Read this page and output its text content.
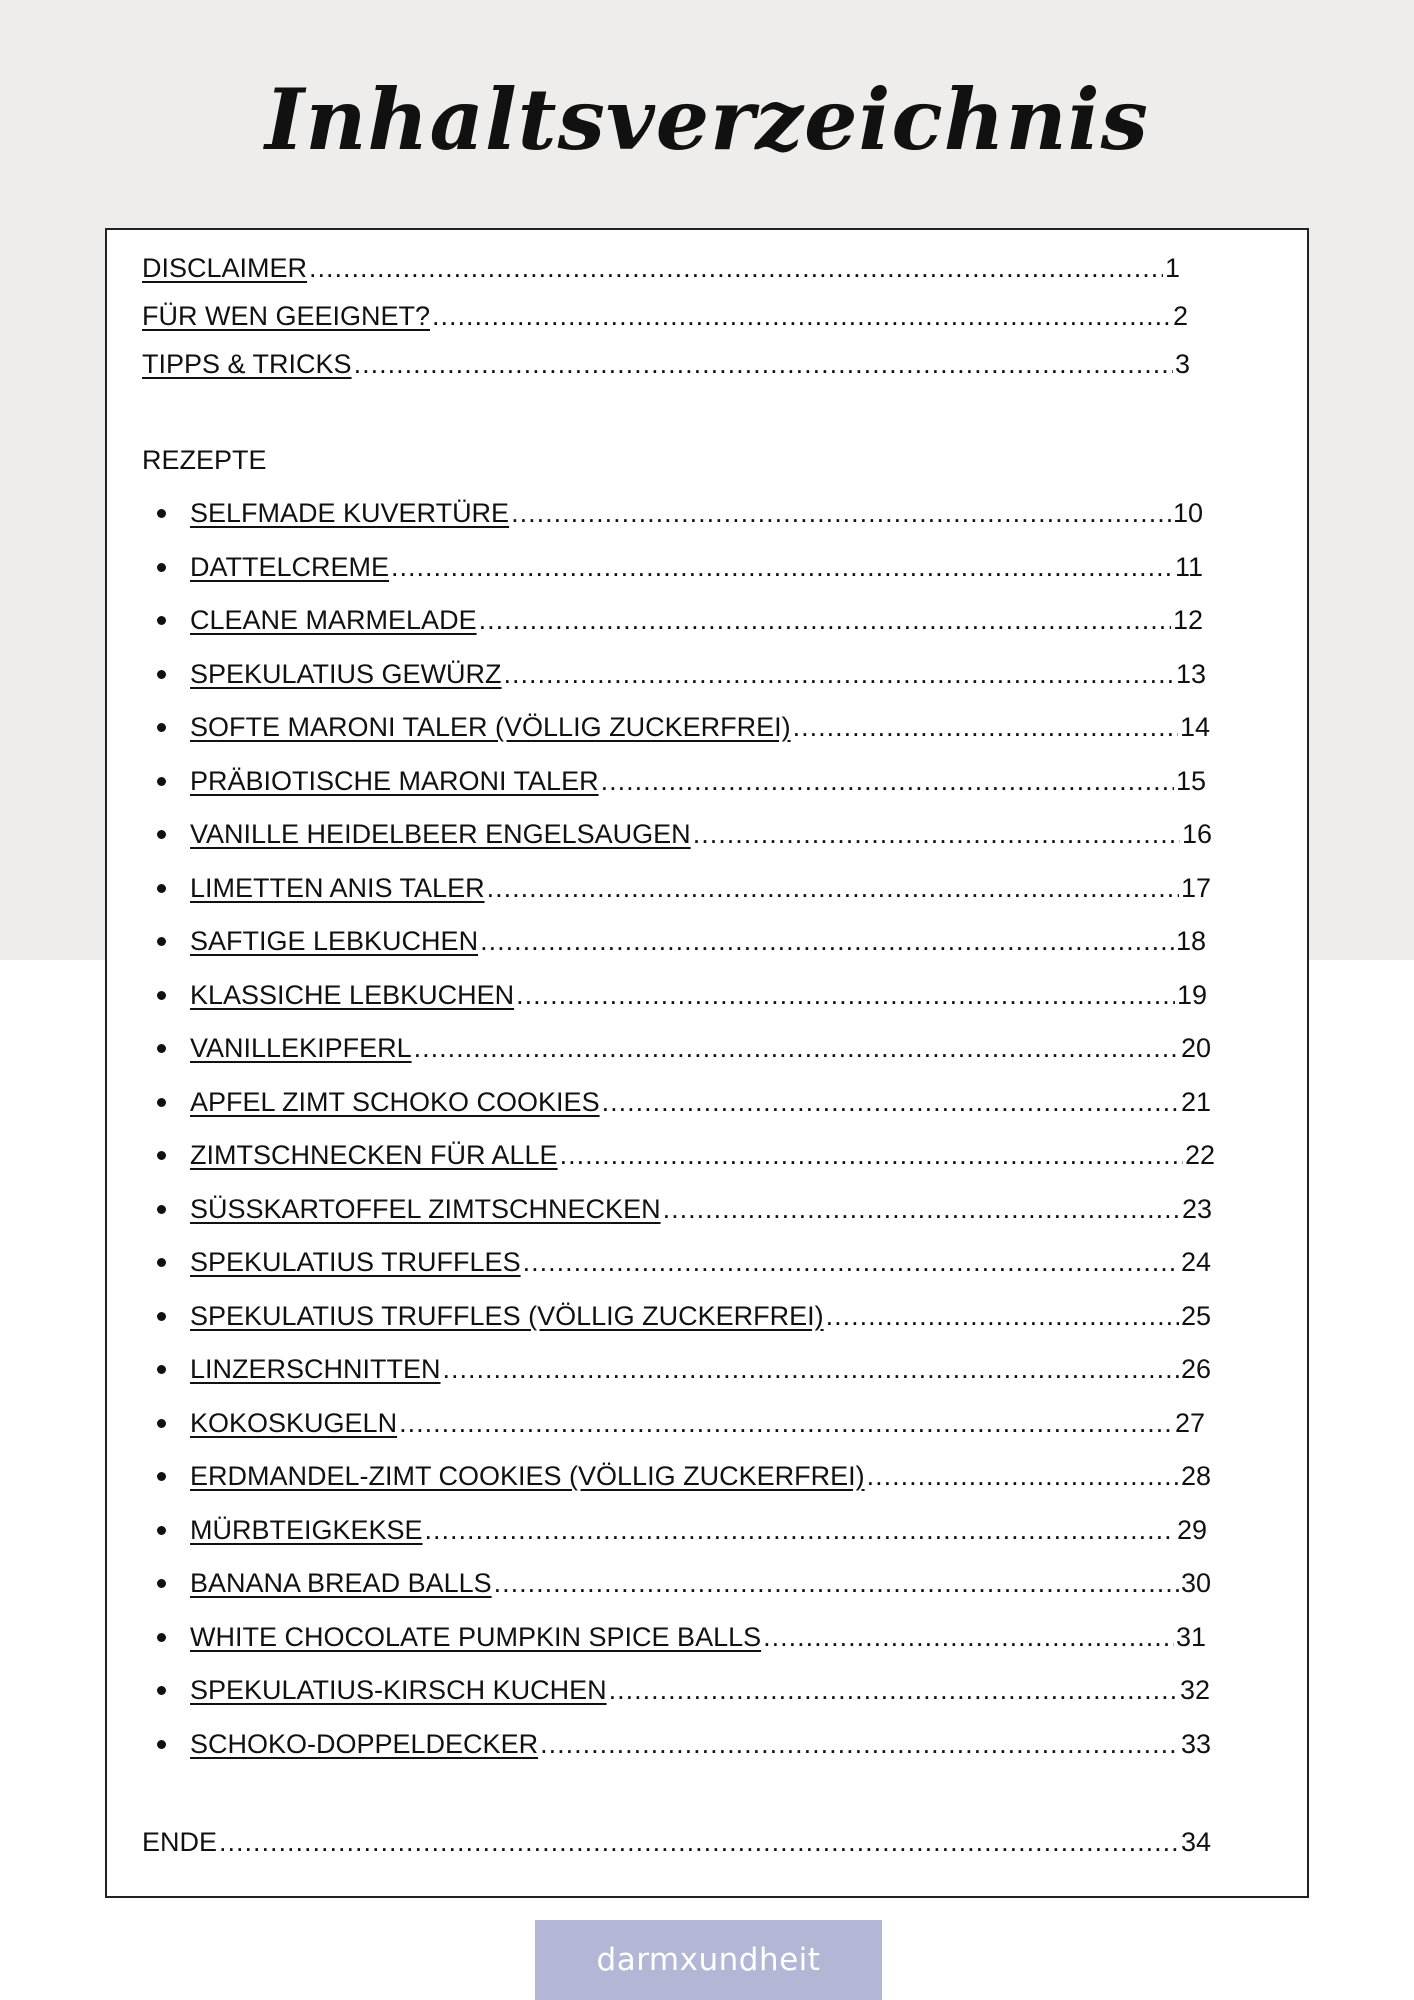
Inhaltsverzeichnis
DISCLAIMER .....	1
FÜR WEN GEEIGNET? .....	2
TIPPS & TRICKS .....	3
REZEPTE
SELFMADE KUVERTÜRE .....	10
DATTELCREME .....	11
CLEANE MARMELADE .....	12
SPEKULATIUS GEWÜRZ .....	13
SOFTE MARONI TALER (VÖLLIG ZUCKERFREI) .....	14
PRÄBIOTISCHE MARONI TALER .....	15
VANILLE HEIDELBEER ENGELSAUGEN .....	16
LIMETTEN ANIS TALER .....	17
SAFTIGE LEBKUCHEN .....	18
KLASSICHE LEBKUCHEN .....	19
VANILLEKIPFERL .....	20
APFEL ZIMT SCHOKO COOKIES .....	21
ZIMTSCHNECKEN FÜR ALLE .....	22
SÜSSKARTOFFEL ZIMTSCHNECKEN .....	23
SPEKULATIUS TRUFFLES .....	24
SPEKULATIUS TRUFFLES (VÖLLIG ZUCKERFREI) .....	25
LINZERSCHNITTEN .....	26
KOKOSKUGELN .....	27
ERDMANDEL-ZIMT COOKIES (VÖLLIG ZUCKERFREI) .....	28
MÜRBTEIGKEKSE .....	29
BANANA BREAD BALLS .....	30
WHITE CHOCOLATE PUMPKIN SPICE BALLS .....	31
SPEKULATIUS-KIRSCH KUCHEN .....	32
SCHOKO-DOPPELDECKER .....	33
ENDE .....	34
darmxundheit
